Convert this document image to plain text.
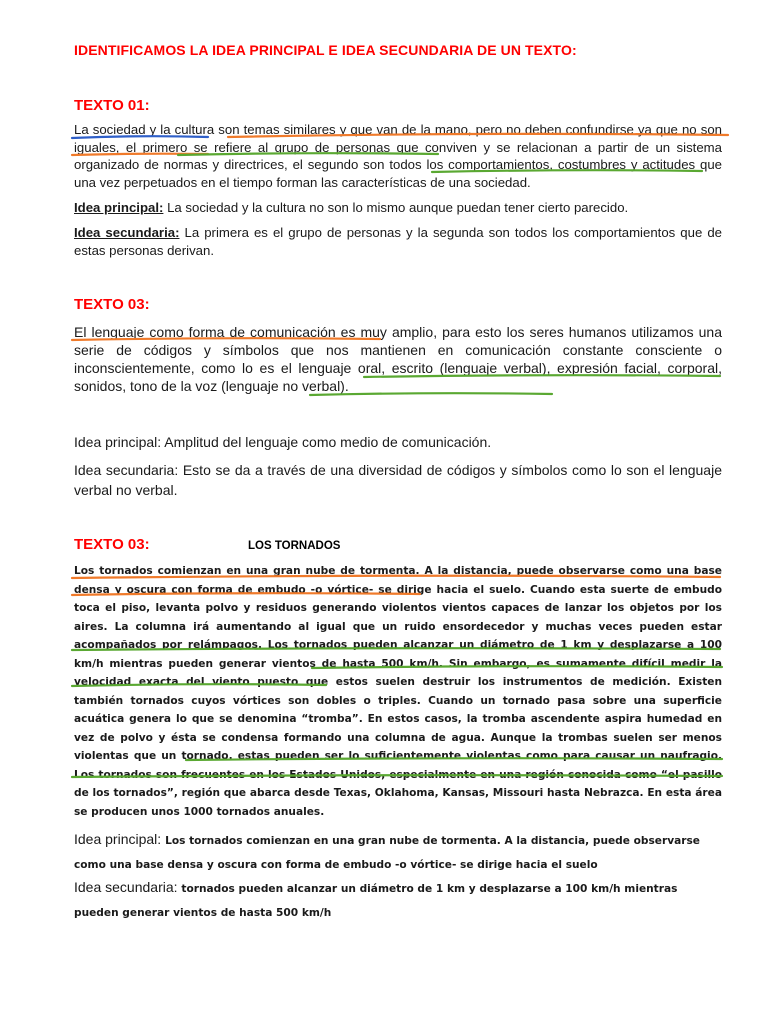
IDENTIFICAMOS LA IDEA PRINCIPAL E IDEA SECUNDARIA DE UN TEXTO:
TEXTO 01:
La sociedad y la cultura son temas similares y que van de la mano, pero no deben confundirse ya que no son iguales, el primero se refiere al grupo de personas que conviven y se relacionan a partir de un sistema organizado de normas y directrices, el segundo son todos los comportamientos, costumbres y actitudes que una vez perpetuados en el tiempo forman las características de una sociedad.
Idea principal: La sociedad y la cultura no son lo mismo aunque puedan tener cierto parecido.
Idea secundaria: La primera es el grupo de personas y la segunda son todos los comportamientos que de estas personas derivan.
TEXTO 03:
El lenguaje como forma de comunicación es muy amplio, para esto los seres humanos utilizamos una serie de códigos y símbolos que nos mantienen en comunicación constante consciente o inconscientemente, como lo es el lenguaje oral, escrito (lenguaje verbal), expresión facial, corporal, sonidos, tono de la voz (lenguaje no verbal).
Idea principal: Amplitud del lenguaje como medio de comunicación.
Idea secundaria: Esto se da a través de una diversidad de códigos y símbolos como lo son el lenguaje verbal no verbal.
TEXTO 03:	LOS TORNADOS
Los tornados comienzan en una gran nube de tormenta. A la distancia, puede observarse como una base densa y oscura con forma de embudo -o vórtice- se dirige hacia el suelo. Cuando esta suerte de embudo toca el piso, levanta polvo y residuos generando violentos vientos capaces de lanzar los objetos por los aires. La columna irá aumentando al igual que un ruido ensordecedor y muchas veces pueden estar acompañados por relámpagos. Los tornados pueden alcanzar un diámetro de 1 km y desplazarse a 100 km/h mientras pueden generar vientos de hasta 500 km/h. Sin embargo, es sumamente difícil medir la velocidad exacta del viento puesto que estos suelen destruir los instrumentos de medición. Existen también tornados cuyos vórtices son dobles o triples. Cuando un tornado pasa sobre una superficie acuática genera lo que se denomina “tromba”. En estos casos, la tromba ascendente aspira humedad en vez de polvo y ésta se condensa formando una columna de agua. Aunque la trombas suelen ser menos violentas que un tornado, estas pueden ser lo suficientemente violentas como para causar un naufragio. Los tornados son frecuentes en los Estados Unidos, especialmente en una región conocida como “el pasillo de los tornados”, región que abarca desde Texas, Oklahoma, Kansas, Missouri hasta Nebrazca. En esta área se producen unos 1000 tornados anuales.
Idea principal: Los tornados comienzan en una gran nube de tormenta. A la distancia, puede observarse como una base densa y oscura con forma de embudo -o vórtice- se dirige hacia el suelo
Idea secundaria: tornados pueden alcanzar un diámetro de 1 km y desplazarse a 100 km/h mientras pueden generar vientos de hasta 500 km/h
